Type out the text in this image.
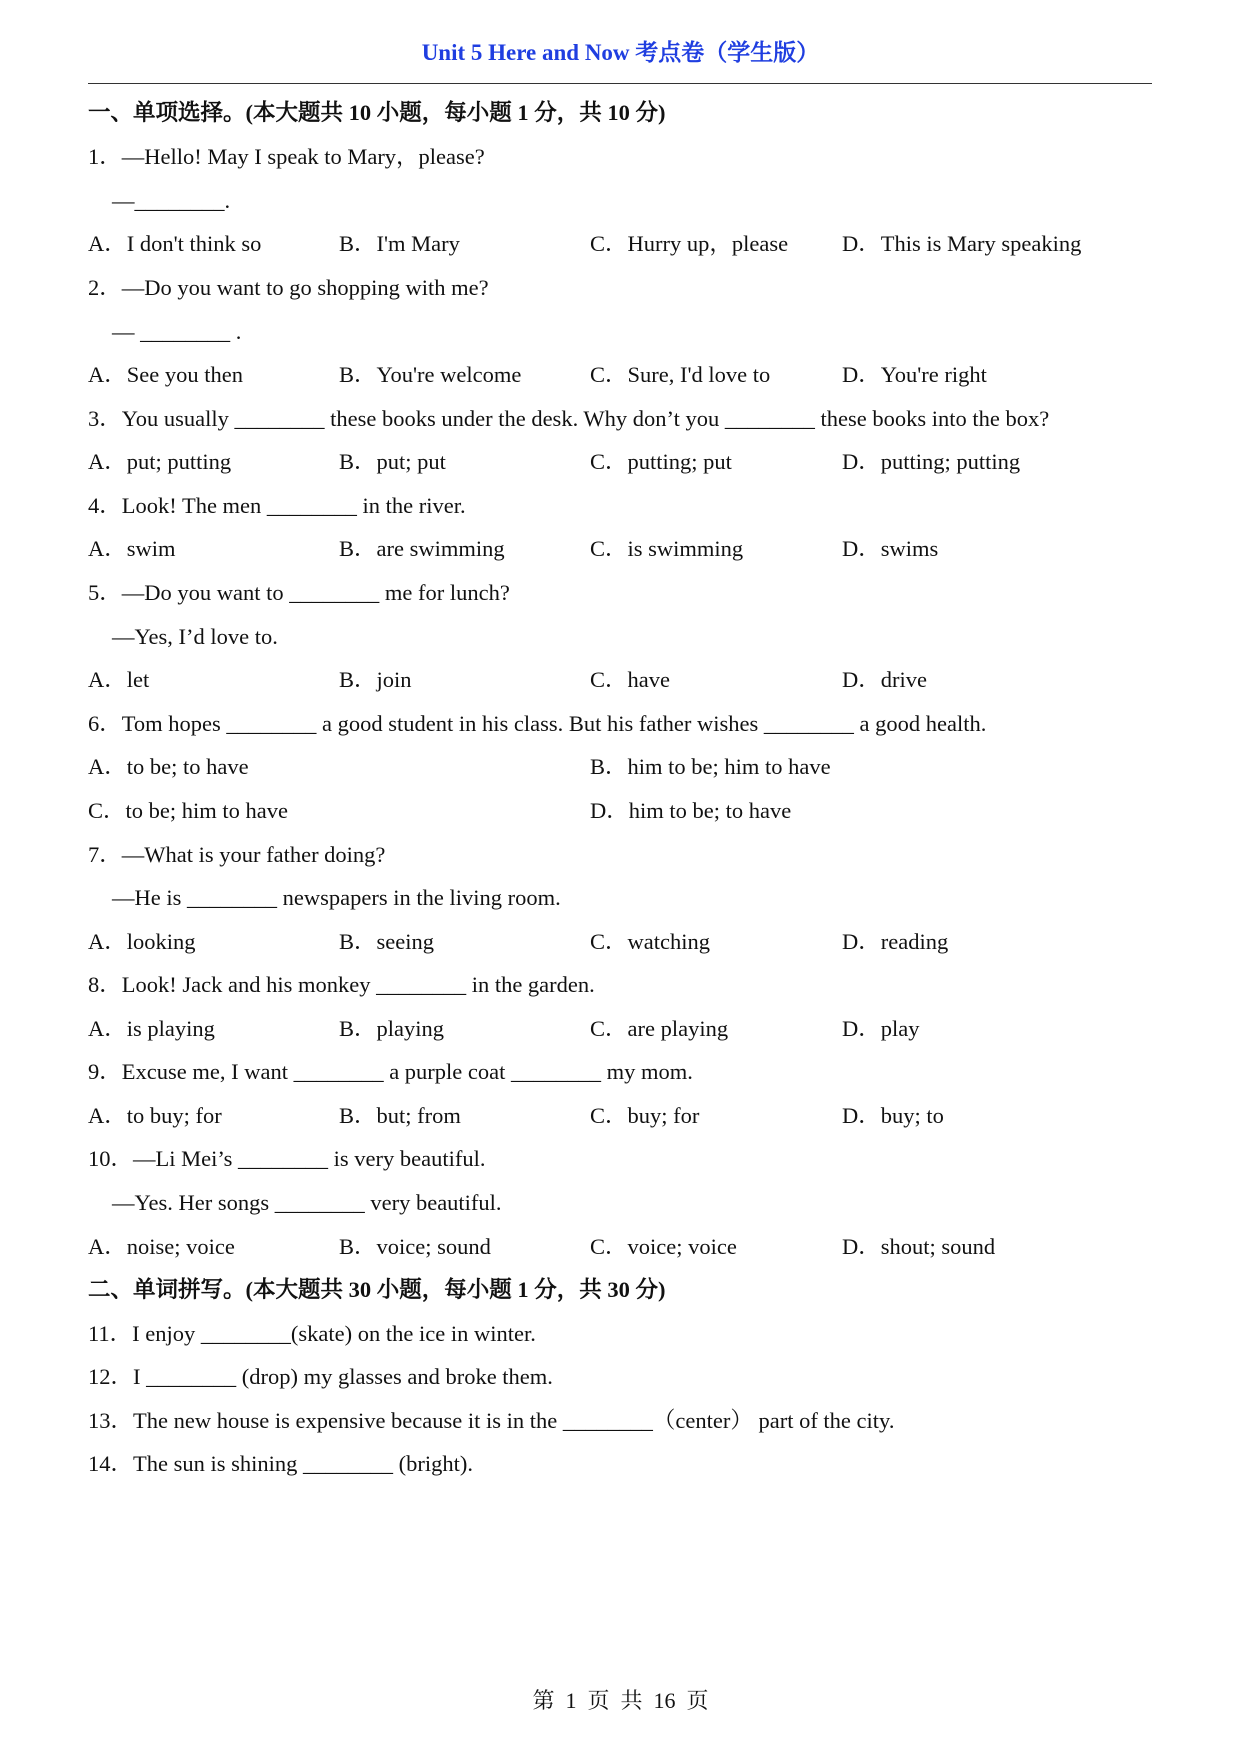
Unit 5 Here and Now 考点卷（学生版）
一、单项选择。(本大题共 10 小题，每小题 1 分，共 10 分)
1．—Hello! May I speak to Mary，please?
—________.
A．I don't think so	B．I'm Mary	C．Hurry up，please D．This is Mary speaking
2．—Do you want to go shopping with me?
— ________ .
A．See you then	B．You're welcome	C．Sure, I'd love to	D．You're right
3．You usually ________ these books under the desk. Why don’t you ________ these books into the box?
A．put; putting	B．put; put	C．putting; put	D．putting; putting
4．Look! The men ________ in the river.
A．swim	B．are swimming	C．is swimming	D．swims
5．—Do you want to ________ me for lunch?
—Yes, I’d love to.
A．let	B．join	C．have	D．drive
6．Tom hopes ________ a good student in his class. But his father wishes ________ a good health.
A．to be; to have	B．him to be; him to have
C．to be; him to have	D．him to be; to have
7．—What is your father doing?
—He is ________ newspapers in the living room.
A．looking	B．seeing	C．watching	D．reading
8．Look! Jack and his monkey ________ in the garden.
A．is playing	B．playing	C．are playing	D．play
9．Excuse me, I want ________ a purple coat ________ my mom.
A．to buy; for	B．but; from	C．buy; for	D．buy; to
10．—Li Mei’s ________ is very beautiful.
—Yes. Her songs ________ very beautiful.
A．noise; voice	B．voice; sound	C．voice; voice	D．shout; sound
二、单词拼写。(本大题共 30 小题，每小题 1 分，共 30 分)
11．I enjoy ________(skate) on the ice in winter.
12．I ________ (drop) my glasses and broke them.
13．The new house is expensive because it is in the ________（center） part of the city.
14．The sun is shining ________ (bright).
第  1  页  共  16  页
